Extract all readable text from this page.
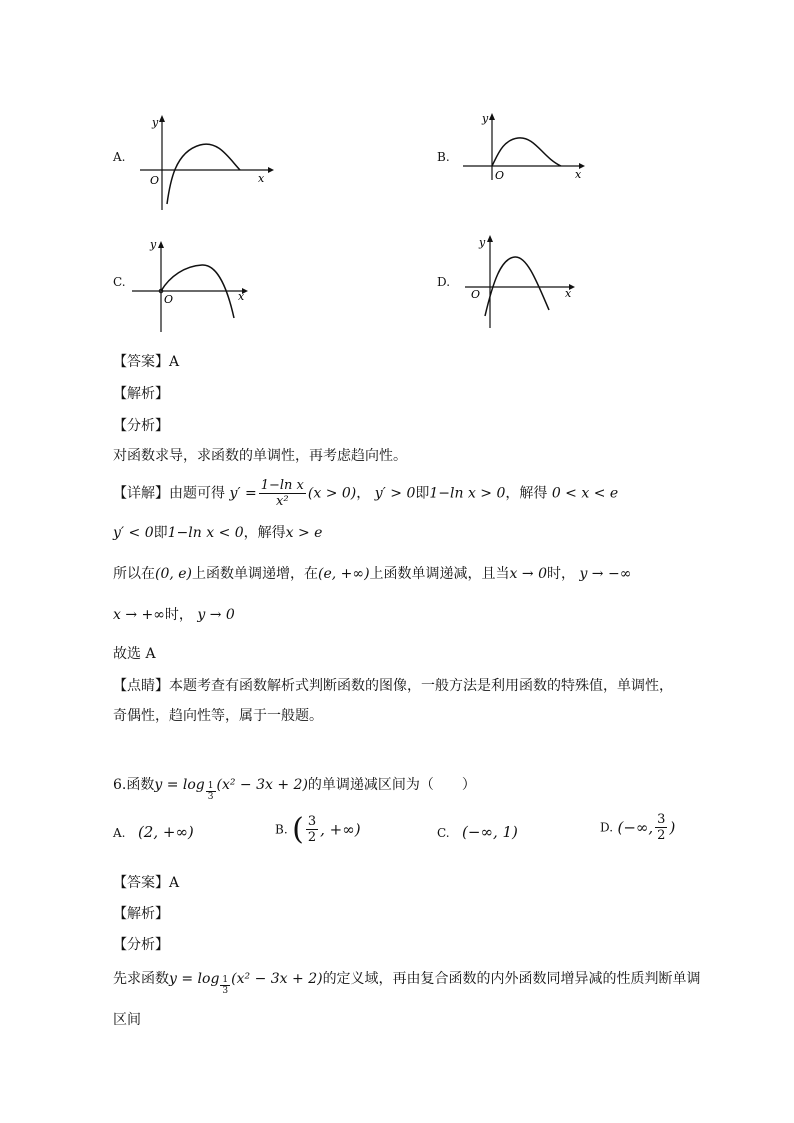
A.
y
x
O
B.
y
x
O
C.
y
x
O
D.
y
x
O
【答案】A
【解析】
【分析】
对函数求导，求函数的单调性，再考虑趋向性。
【详解】由题可得 $y' = \frac{\text{1−ln x}}{\text{x²}} (x > 0)$， y′ > 0即1−ln x > 0，解得 0 < x < e
y′ < 0即1−ln x < 0，解得x > e
所以在(0, e)上函数单调递增，在(e, +∞)上函数单调递减，且当x → 0时， y → −∞
x → +∞时， y → 0
故选 A
【点睛】本题考查有函数解析式判断函数的图像，一般方法是利用函数的特殊值，单调性，
奇偶性，趋向性等，属于一般题。
6.函数$y = \log \frac{1}{3} (x^2 - 3x + 2)$的单调递减区间为（　　）
A. (2, +∞)	B. ( $\frac{3}{2}$ , +∞)	C. (−∞, 1)	D. (−∞, $\frac{3}{2}$ )
【答案】A
【解析】
【分析】
先求函数$y = \log \frac{1}{3} (x^2 - 3x + 2)$的定义域，再由复合函数的内外函数同增异减的性质判断单调
区间
